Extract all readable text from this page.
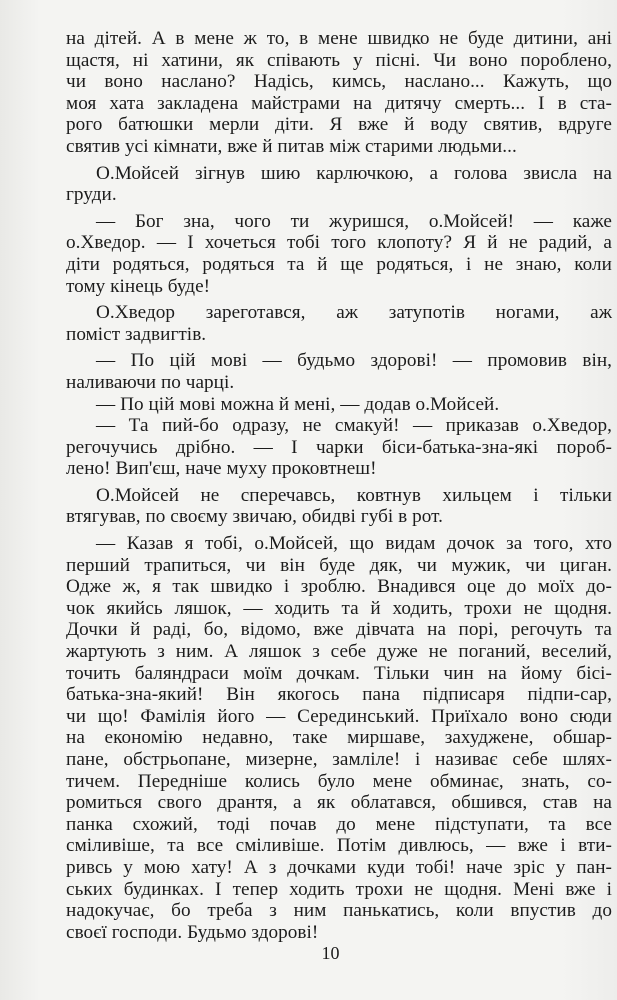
на дітей. А в мене ж то, в мене швидко не буде дитини, ані
щастя, ні хатини, як співають у пісні. Чи воно пороблено,
чи воно наслано? Надісь, кимсь, наслано... Кажуть, що
моя хата закладена майстрами на дитячу смерть... І в ста-
рого батюшки мерли діти. Я вже й воду святив, вдруге
святив усі кімнати, вже й питав між старими людьми...
О.Мойсей зігнув шию карлючкою, а голова звисла на
груди.
— Бог зна, чого ти журишся, о.Мойсей! — каже
о.Хведор. — І хочеться тобі того клопоту? Я й не радий, а
діти родяться, родяться та й ще родяться, і не знаю, коли
тому кінець буде!
О.Хведор зареготався, аж затупотів ногами, аж
поміст задвигтів.
— По цій мові — будьмо здорові! — промовив він,
наливаючи по чарці.
— По цій мові можна й мені, — додав о.Мойсей.
— Та пий-бо одразу, не смакуй! — приказав о.Хведор,
регочучись дрібно. — І чарки біси-батька-зна-які пороб-
лено! Вип'єш, наче муху проковтнеш!
О.Мойсей не сперечавсь, ковтнув хильцем і тільки
втягував, по своєму звичаю, обидві губі в рот.
— Казав я тобі, о.Мойсей, що видам дочок за того, хто
перший трапиться, чи він буде дяк, чи мужик, чи циган.
Одже ж, я так швидко і зроблю. Внадився оце до моїх до-
чок якийсь ляшок, — ходить та й ходить, трохи не щодня.
Дочки й раді, бо, відомо, вже дівчата на порі, регочуть та
жартують з ним. А ляшок з себе дуже не поганий, веселий,
точить баляндраси моїм дочкам. Тільки чин на йому бісі-
батька-зна-який! Він якогось пана підписаря підпи-сар,
чи що! Фамілія його — Серединський. Приїхало воно сюди
на економію недавно, таке миршаве, захуджене, обшар-
пане, обстрьопане, мизерне, замліле! і називає себе шлях-
тичем. Передніше колись було мене обминає, знать, со-
ромиться свого дрантя, а як облатався, обшився, став на
панка схожий, тоді почав до мене підступати, та все
сміливіше, та все сміливіше. Потім дивлюсь, — вже і вти-
ривсь у мою хату! А з дочками куди тобі! наче зріс у пан-
ських будинках. І тепер ходить трохи не щодня. Мені вже і
надокучає, бо треба з ним панькатись, коли впустив до
своєї господи. Будьмо здорові!
10
